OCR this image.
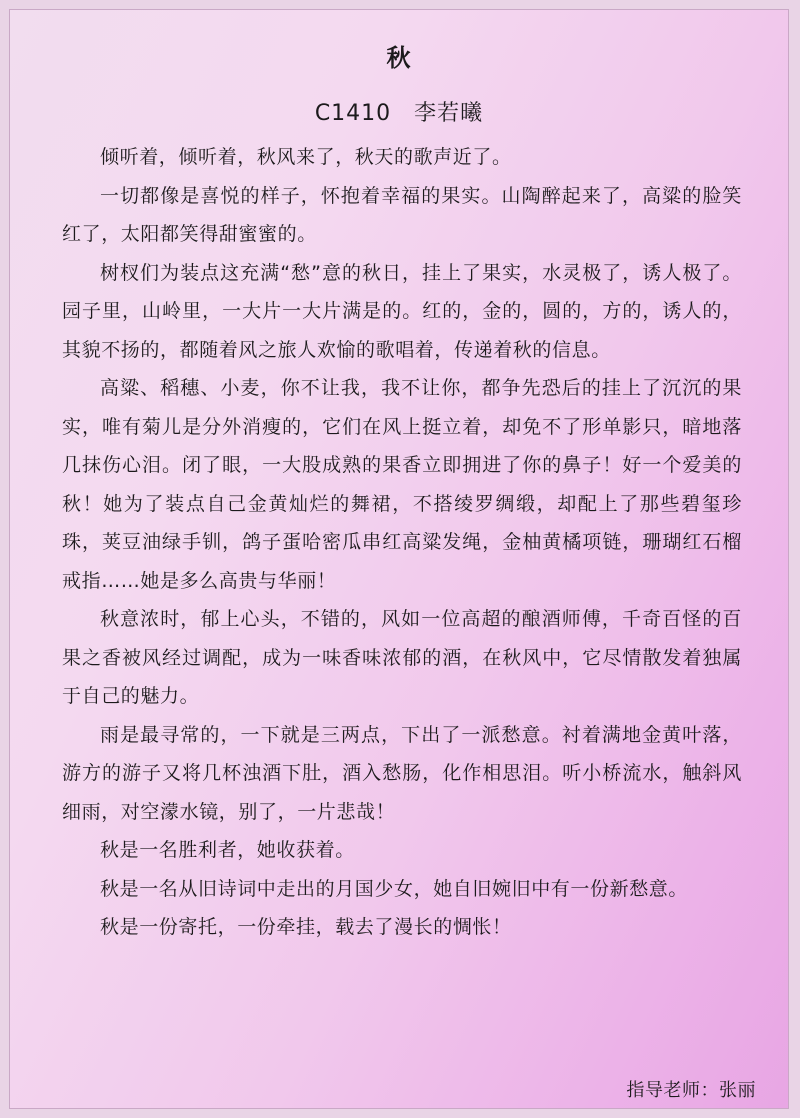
秋
C1410　李若曦

倾听着，倾听着，秋风来了，秋天的歌声近了。

一切都像是喜悦的样子，怀抱着幸福的果实。山陶醉起来了，高粱的脸笑红了，太阳都笑得甜蜜蜜的。

树杈们为装点这充满“愁”意的秋日，挂上了果实，水灵极了，诱人极了。园子里，山岭里，一大片一大片满是的。红的，金的，圆的，方的，诱人的，其貌不扬的，都随着风之旅人欢愉的歌唱着，传递着秋的信息。

高粱、稻穗、小麦，你不让我，我不让你，都争先恐后的挂上了沉沉的果实，唯有菊儿是分外消瘦的，它们在风上挺立着，却免不了形单影只，暗地落几抹伤心泪。闭了眼，一大股成熟的果香立即拥进了你的鼻子！好一个爱美的秋！她为了装点自己金黄灿烂的舞裙，不搭绫罗绸缎，却配上了那些碧玺珍珠，荚豆油绿手钏，鸽子蛋哈密瓜串红高粱发绳，金柚黄橘项链，珊瑚红石榴戒指……她是多么高贵与华丽！

秋意浓时，郁上心头，不错的，风如一位高超的酿酒师傅，千奇百怪的百果之香被风经过调配，成为一味香味浓郁的酒，在秋风中，它尽情散发着独属于自己的魅力。

雨是最寻常的，一下就是三两点，下出了一派愁意。衬着满地金黄叶落，游方的游子又将几杯浊酒下肚，酒入愁肠，化作相思泪。听小桥流水，触斜风细雨，对空濛水镜，别了，一片悲哉！

秋是一名胜利者，她收获着。

秋是一名从旧诗词中走出的月国少女，她自旧婉旧中有一份新愁意。

秋是一份寄托，一份牵挂，载去了漫长的惆怅！

指导老师：张丽
